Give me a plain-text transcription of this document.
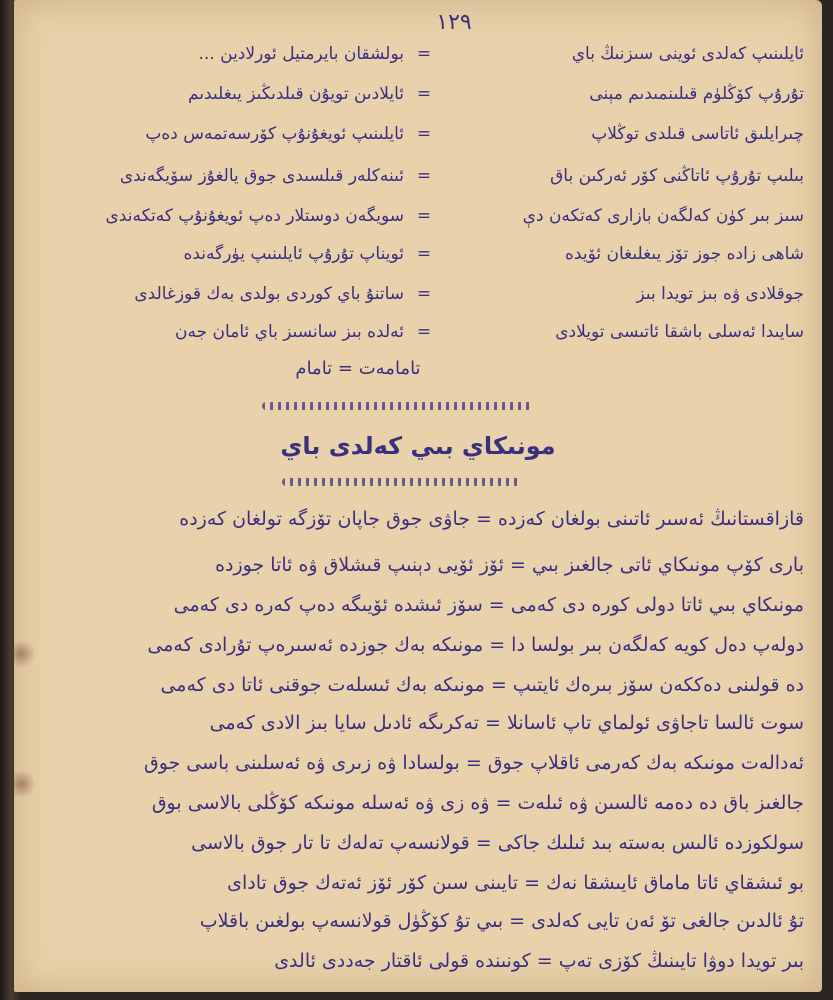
١٢٩
ئايلىنىپ كەلدى ئوينى سىزنىڭ باي=بولشقان بايرمتيل ئورلادين ...
تۇرۇپ كۆڭلۈم قىلىنمىدىم مېنى=ئايلادىن تويۇن قىلدىڭىز يىغلىدىم
چىرايلىق ئاتاسى قىلدى توڭلاپ=ئايلىنىپ ئويغۇنۇپ كۆرسەتمەس دەپ
بىلىپ تۇرۇپ ئاتاڭنى كۆر ئەركىن باق=ئىنەكلەر قىلسىدى جوق يالغۇز سۆيگەندى
سىز بىر كۈن كەلگەن بازارى كەتكەن دې=سويگەن دوستلار دەپ ئويغۇنۇپ كەتكەندى
شاھى زادە جوز تۆز يىغلىغان ئۆيدە=ئويناپ تۇرۇپ ئايلىنىپ يۈرگەندە
جوقلادى ۋە بىز تويدا بىز=ساتنۇ باي كوردى بولدى بەك قوزغالدى
سايىدا ئەسلى باشقا ئاتىسى تويلادى=ئەلدە بىز سانسىز باي ئامان جەن
تامامەت = تامام
مونىكاي بىي كەلدى باي
قازاقستانىڭ ئەسىر ئاتىنى بولغان كەزدە = جاۋى جوق جاپان تۆزگە تولغان كەزدە
بارى كۆپ مونىكاي ئاتى جالغىز بىي = ئۆز ئۆيى دېنىپ قىشلاق ۋە ئاتا جوزدە
مونىكاي بىي ئاتا دولى كورە دى كەمى = سۆز ئىشدە ئۆيىگە دەپ كەرە دى كەمى
دولەپ دەل كويە كەلگەن بىر بولسا دا = مونىكە بەك جوزدە ئەسىرەپ تۇرادى كەمى
دە قولىنى دەككەن سۆز بىرەك ئايتىپ = مونىكە بەك ئىسلەت جوقنى ئاتا دى كەمى
سوت ئالسا تاجاۋى ئولماي تاپ ئاسانلا = تەكرىگە ئادىل سايا بىز الادى كەمى
ئەدالەت مونىكە بەك كەرمى ئاقلاپ جوق = بولسادا ۋە زىرى ۋە ئەسلىنى باسى جوق
جالغىز باق دە دەمە ئالسىن ۋە ئىلەت = ۋە زى ۋە ئەسلە مونىكە كۆڭلى بالاسى بوق
سولكوزدە ئالىس بەستە بىد ئىلىك جاكى = قولانسەپ تەلەك تا تار جوق بالاسى
بو ئىشقاي ئاتا ماماق ئايىشقا نەك = تايىنى سىن كۆر ئۆز ئەتەك جوق تاداى
تۇ ئالدىن جالغى تۆ ئەن تايى كەلدى = بىي تۇ كۆڭۈل قولانسەپ بولغىن باقلاپ
بىر تويدا دوۋا تايىنىڭ كۆزى تەپ = كونىندە قولى ئاقتار جەددى ئالدى
